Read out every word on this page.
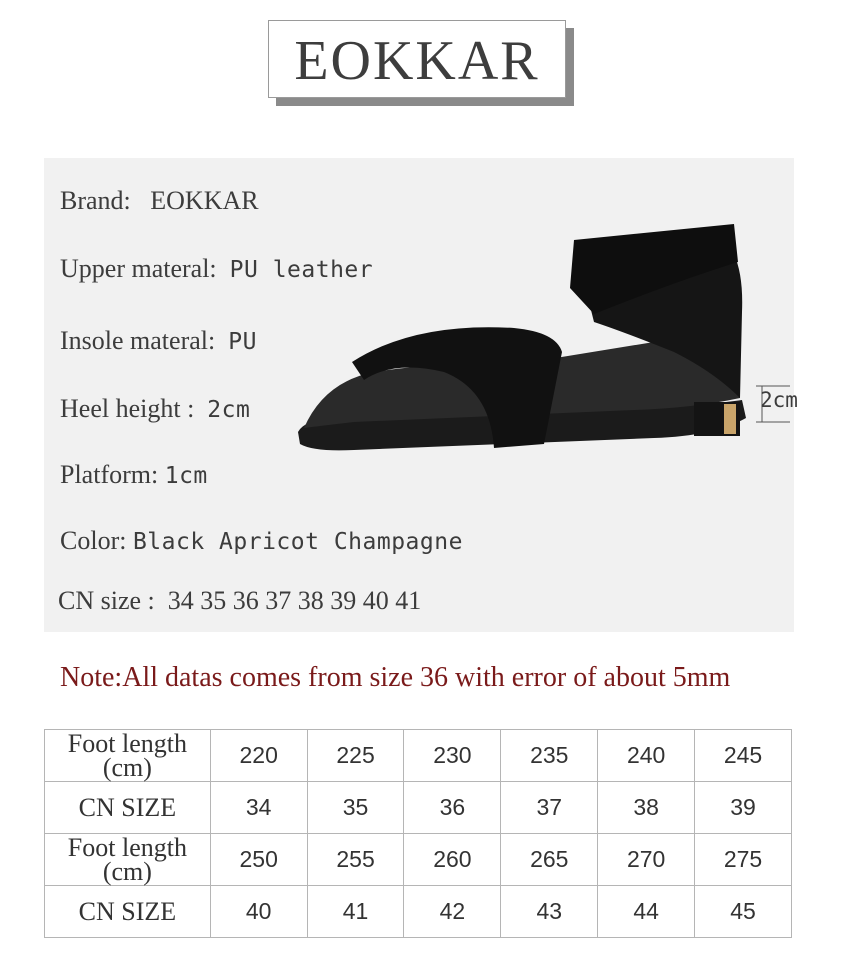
EOKKAR
Brand: EOKKAR
Upper materal: PU leather
Insole materal: PU
Heel height : 2cm
Platform: 1cm
Color: Black Apricot Champagne
CN size : 34 35 36 37 38 39 40 41
2cm
Note:All datas comes from size 36 with error of about 5mm
Foot length
(cm)	220	225	230	235	240	245
CN SIZE	34	35	36	37	38	39
Foot length
(cm)	250	255	260	265	270	275
CN SIZE	40	41	42	43	44	45
